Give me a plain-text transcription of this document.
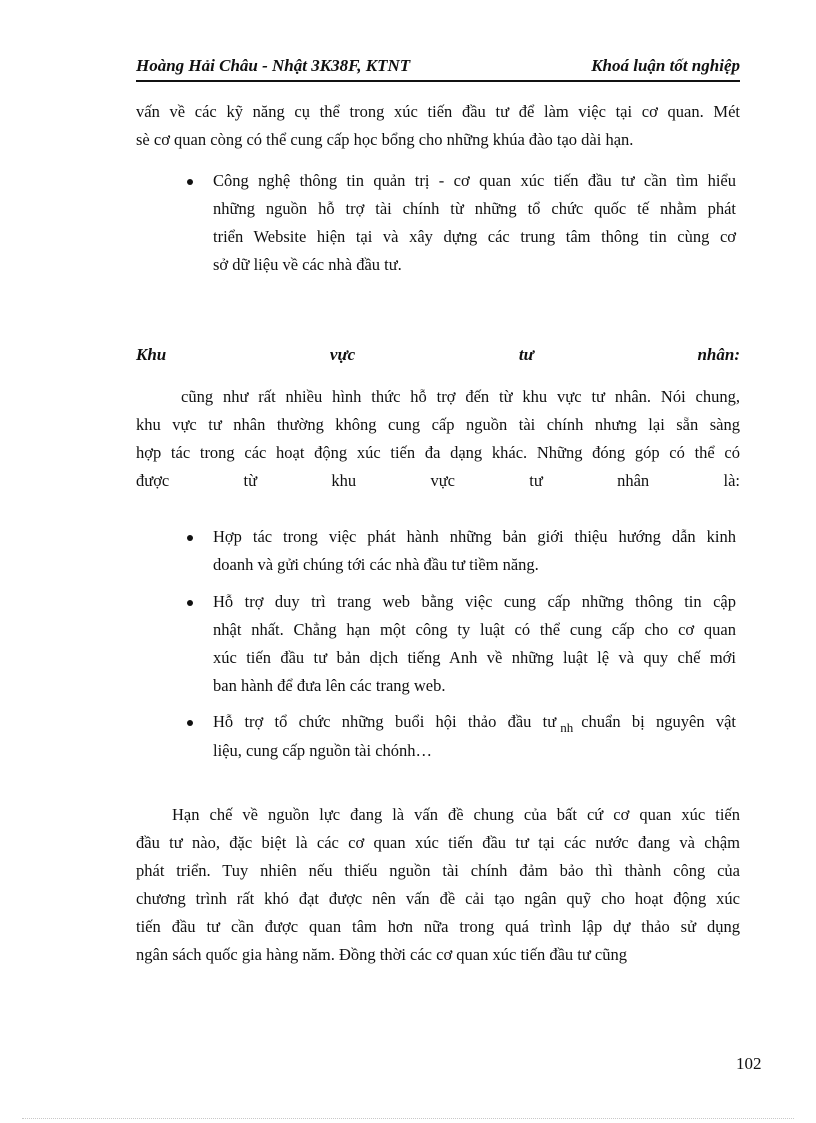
Hoàng Hải Châu - Nhật 3K38F, KTNT	Khoá luận tốt nghiệp
vấn về các kỹ năng cụ thể trong xúc tiến đầu tư để làm việc tại cơ quan. Mét
sè cơ quan còng có thể cung cấp học bổng cho những khúa đào tạo dài hạn.
Công nghệ thông tin quản trị - cơ quan xúc tiến đầu tư cần tìm hiểu
những nguồn hỗ trợ tài chính từ những tổ chức quốc tế nhằm phát
triển Website hiện tại và xây dựng các trung tâm thông tin cùng cơ
sở dữ liệu về các nhà đầu tư.
Khu	vực	tư	nhân:
cũng như rất nhiều hình thức hỗ trợ đến từ khu vực tư nhân. Nói chung,
khu vực tư nhân thường không cung cấp nguồn tài chính nhưng lại sẵn sàng
hợp tác trong các hoạt động xúc tiến đa dạng khác. Những đóng góp có thể có
được từ khu vực tư nhân là:
Hợp tác trong việc phát hành những bản giới thiệu hướng dẫn kinh
doanh và gửi chúng tới các nhà đầu tư tiềm năng.
Hỗ trợ duy trì trang web bằng việc cung cấp những thông tin cập
nhật nhất. Chẳng hạn một công ty luật có thể cung cấp cho cơ quan
xúc tiến đầu tư bản dịch tiếng Anh về những luật lệ và quy chế mới
ban hành để đưa lên các trang web.
Hỗ trợ tổ chức những buổi hội thảo đầu tư $_{nh}$ chuẩn bị nguyên vật
liệu, cung cấp nguồn tài chónh…
Hạn chế về nguồn lực đang là vấn đề chung của bất cứ cơ quan xúc tiến
đầu tư nào, đặc biệt là các cơ quan xúc tiến đầu tư tại các nước đang và chậm
phát triển. Tuy nhiên nếu thiếu nguồn tài chính đảm bảo thì thành công của
chương trình rất khó đạt được nên vấn đề cải tạo ngân quỹ cho hoạt động xúc
tiến đầu tư cần được quan tâm hơn nữa trong quá trình lập dự thảo sử dụng
ngân sách quốc gia hàng năm. Đồng thời các cơ quan xúc tiến đầu tư cũng
102
